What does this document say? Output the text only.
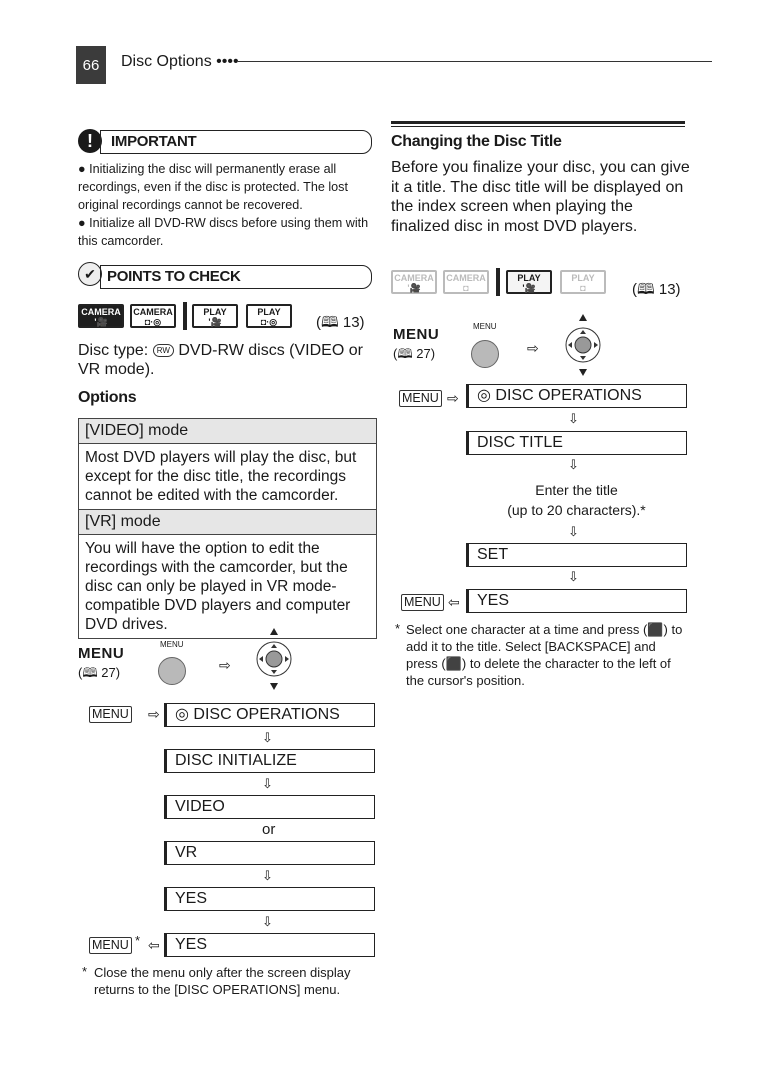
66 Disc Options ••••
!	IMPORTANT
● Initializing the disc will permanently erase all recordings, even if the disc is protected. The lost original recordings cannot be recovered.
● Initialize all DVD-RW discs before using them with this camcorder.
✔ POINTS TO CHECK
CAMERA
'🎥
CAMERA
◘·◎
PLAY
'🎥
PLAY
◘·◎	(🕮 13)
Disc type: RW DVD-RW discs (VIDEO or VR mode).
Options
[VIDEO] mode
Most DVD players will play the disc, but except for the disc title, the recordings cannot be edited with the camcorder.
[VR] mode
You will have the option to edit the recordings with the camcorder, but the disc can only be played in VR mode-compatible DVD players and computer DVD drives.
MENU
(🕮 27)
MENU
⇨
MENU ⇨ ◎ DISC OPERATIONS
⇩
DISC INITIALIZE
⇩
VIDEO
or
VR
⇩
YES
⇩
MENU * ⇦ YES
* Close the menu only after the screen display returns to the [DISC OPERATIONS] menu.
Changing the Disc Title
Before you finalize your disc, you can give it a title. The disc title will be displayed on the index screen when playing the finalized disc in most DVD players.
CAMERA
'🎥
CAMERA
◘
PLAY
'🎥
PLAY
◘	(🕮 13)
MENU
(🕮 27)
MENU
⇨
MENU ⇨	◎ DISC OPERATIONS
⇩
DISC TITLE
⇩
Enter the title
(up to 20 characters).*
⇩
SET
⇩
MENU ⇦	YES
* Select one character at a time and press (⬛) to add it to the title. Select [BACKSPACE] and press (⬛) to delete the character to the left of the cursor's position.
